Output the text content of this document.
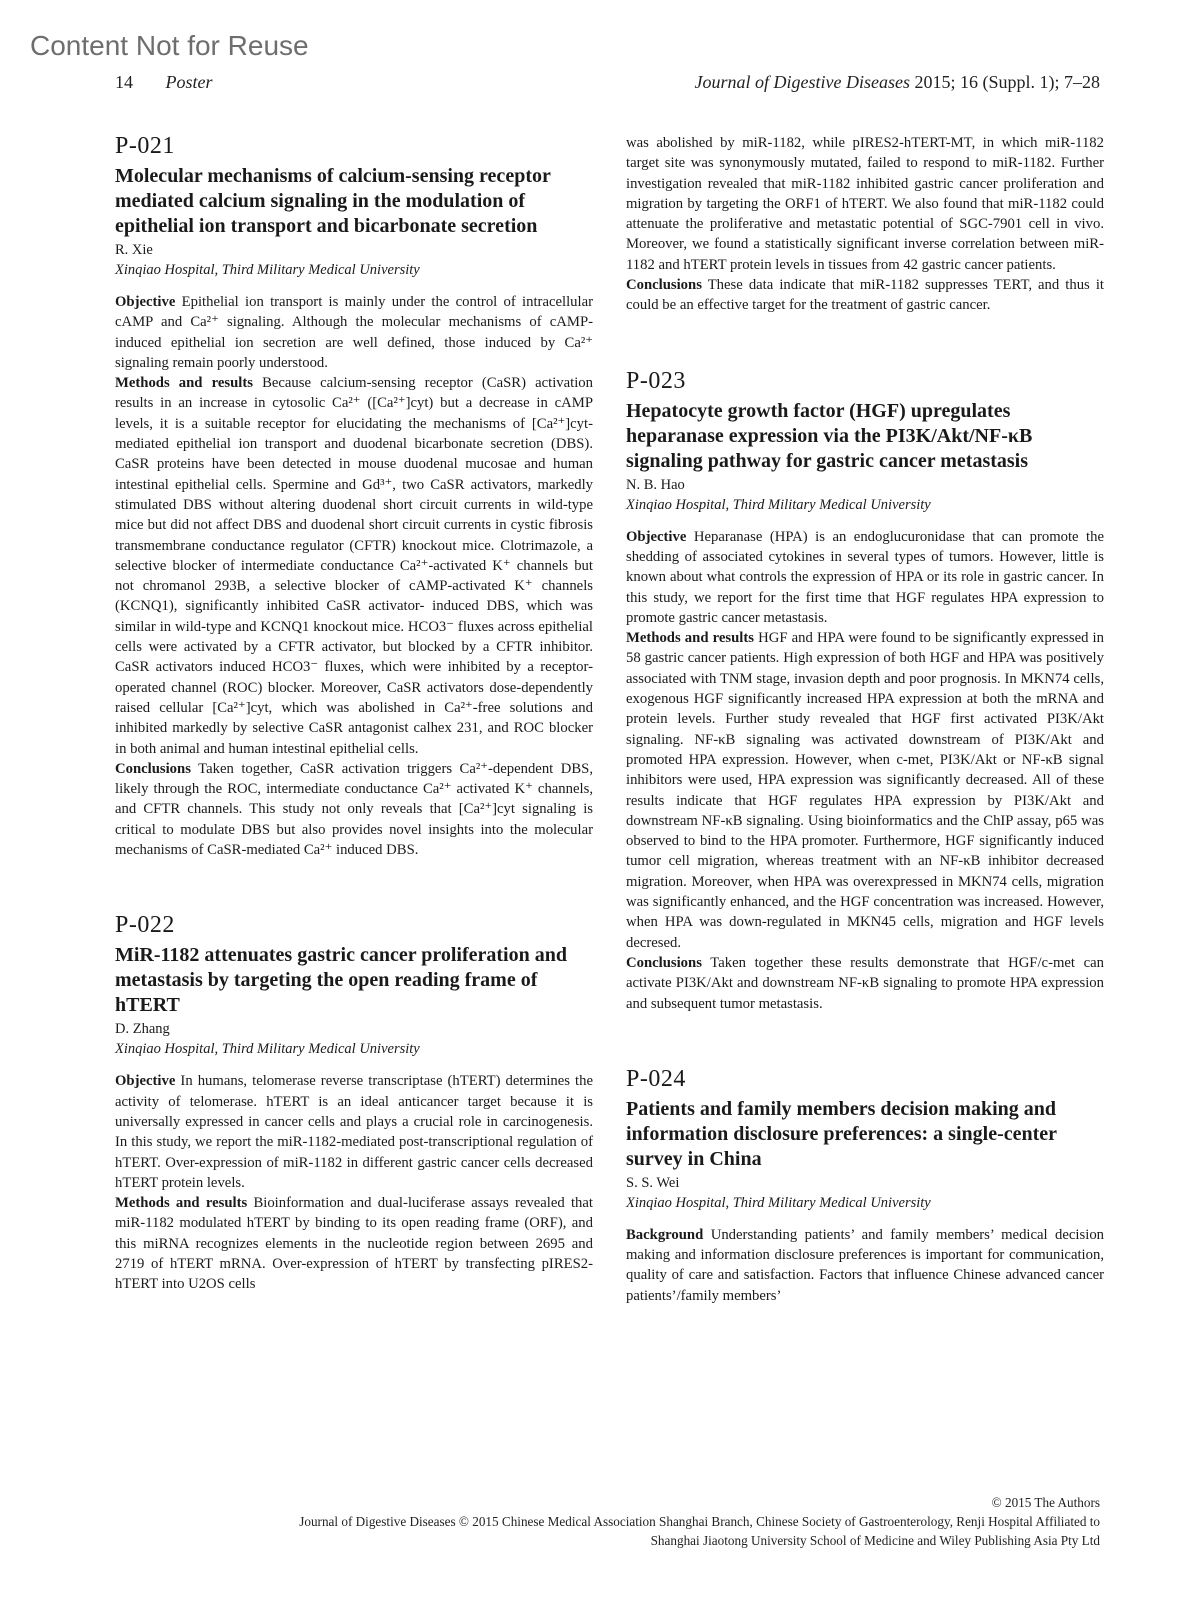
Content Not for Reuse
14 Poster	Journal of Digestive Diseases 2015; 16 (Suppl. 1); 7–28
P-021
Molecular mechanisms of calcium-sensing receptor mediated calcium signaling in the modulation of epithelial ion transport and bicarbonate secretion

R. Xie

Xinqiao Hospital, Third Military Medical University

Objective Epithelial ion transport is mainly under the control of intracellular cAMP and Ca²⁺ signaling. Although the molecular mechanisms of cAMP-induced epithelial ion secretion are well defined, those induced by Ca²⁺ signaling remain poorly understood.

Methods and results Because calcium-sensing receptor (CaSR) activation results in an increase in cytosolic Ca²⁺ ([Ca²⁺]cyt) but a decrease in cAMP levels, it is a suitable receptor for elucidating the mechanisms of [Ca²⁺]cyt-mediated epithelial ion transport and duodenal bicarbonate secretion (DBS). CaSR proteins have been detected in mouse duodenal mucosae and human intestinal epithelial cells. Spermine and Gd³⁺, two CaSR activators, markedly stimulated DBS without altering duodenal short circuit currents in wild-type mice but did not affect DBS and duodenal short circuit currents in cystic fibrosis transmembrane conductance regulator (CFTR) knockout mice. Clotrimazole, a selective blocker of intermediate conductance Ca²⁺-activated K⁺ channels but not chromanol 293B, a selective blocker of cAMP-activated K⁺ channels (KCNQ1), significantly inhibited CaSR activator- induced DBS, which was similar in wild-type and KCNQ1 knockout mice. HCO3⁻ fluxes across epithelial cells were activated by a CFTR activator, but blocked by a CFTR inhibitor. CaSR activators induced HCO3⁻ fluxes, which were inhibited by a receptor-operated channel (ROC) blocker. Moreover, CaSR activators dose-dependently raised cellular [Ca²⁺]cyt, which was abolished in Ca²⁺-free solutions and inhibited markedly by selective CaSR antagonist calhex 231, and ROC blocker in both animal and human intestinal epithelial cells.

Conclusions Taken together, CaSR activation triggers Ca²⁺-dependent DBS, likely through the ROC, intermediate conductance Ca²⁺ activated K⁺ channels, and CFTR channels. This study not only reveals that [Ca²⁺]cyt signaling is critical to modulate DBS but also provides novel insights into the molecular mechanisms of CaSR-mediated Ca²⁺ induced DBS.

P-022
MiR-1182 attenuates gastric cancer proliferation and metastasis by targeting the open reading frame of hTERT

D. Zhang

Xinqiao Hospital, Third Military Medical University

Objective In humans, telomerase reverse transcriptase (hTERT) determines the activity of telomerase. hTERT is an ideal anticancer target because it is universally expressed in cancer cells and plays a crucial role in carcinogenesis. In this study, we report the miR-1182-mediated post-transcriptional regulation of hTERT. Over-expression of miR-1182 in different gastric cancer cells decreased hTERT protein levels.

Methods and results Bioinformation and dual-luciferase assays revealed that miR-1182 modulated hTERT by binding to its open reading frame (ORF), and this miRNA recognizes elements in the nucleotide region between 2695 and 2719 of hTERT mRNA. Over-expression of hTERT by transfecting pIRES2-hTERT into U2OS cells

was abolished by miR-1182, while pIRES2-hTERT-MT, in which miR-1182 target site was synonymously mutated, failed to respond to miR-1182. Further investigation revealed that miR-1182 inhibited gastric cancer proliferation and migration by targeting the ORF1 of hTERT. We also found that miR-1182 could attenuate the proliferative and metastatic potential of SGC-7901 cell in vivo. Moreover, we found a statistically significant inverse correlation between miR-1182 and hTERT protein levels in tissues from 42 gastric cancer patients.

Conclusions These data indicate that miR-1182 suppresses TERT, and thus it could be an effective target for the treatment of gastric cancer.

P-023
Hepatocyte growth factor (HGF) upregulates heparanase expression via the PI3K/Akt/NF-κB signaling pathway for gastric cancer metastasis

N. B. Hao

Xinqiao Hospital, Third Military Medical University

Objective Heparanase (HPA) is an endoglucuronidase that can promote the shedding of associated cytokines in several types of tumors. However, little is known about what controls the expression of HPA or its role in gastric cancer. In this study, we report for the first time that HGF regulates HPA expression to promote gastric cancer metastasis.

Methods and results HGF and HPA were found to be significantly expressed in 58 gastric cancer patients. High expression of both HGF and HPA was positively associated with TNM stage, invasion depth and poor prognosis. In MKN74 cells, exogenous HGF significantly increased HPA expression at both the mRNA and protein levels. Further study revealed that HGF first activated PI3K/Akt signaling. NF-κB signaling was activated downstream of PI3K/Akt and promoted HPA expression. However, when c-met, PI3K/Akt or NF-κB signal inhibitors were used, HPA expression was significantly decreased. All of these results indicate that HGF regulates HPA expression by PI3K/Akt and downstream NF-κB signaling. Using bioinformatics and the ChIP assay, p65 was observed to bind to the HPA promoter. Furthermore, HGF significantly induced tumor cell migration, whereas treatment with an NF-κB inhibitor decreased migration. Moreover, when HPA was overexpressed in MKN74 cells, migration was significantly enhanced, and the HGF concentration was increased. However, when HPA was down-regulated in MKN45 cells, migration and HGF levels decresed.

Conclusions Taken together these results demonstrate that HGF/c-met can activate PI3K/Akt and downstream NF-κB signaling to promote HPA expression and subsequent tumor metastasis.

P-024
Patients and family members decision making and information disclosure preferences: a single-center survey in China

S. S. Wei

Xinqiao Hospital, Third Military Medical University

Background Understanding patients’ and family members’ medical decision making and information disclosure preferences is important for communication, quality of care and satisfaction. Factors that influence Chinese advanced cancer patients’/family members’

© 2015 The Authors
Journal of Digestive Diseases © 2015 Chinese Medical Association Shanghai Branch, Chinese Society of Gastroenterology, Renji Hospital Affiliated to
Shanghai Jiaotong University School of Medicine and Wiley Publishing Asia Pty Ltd
